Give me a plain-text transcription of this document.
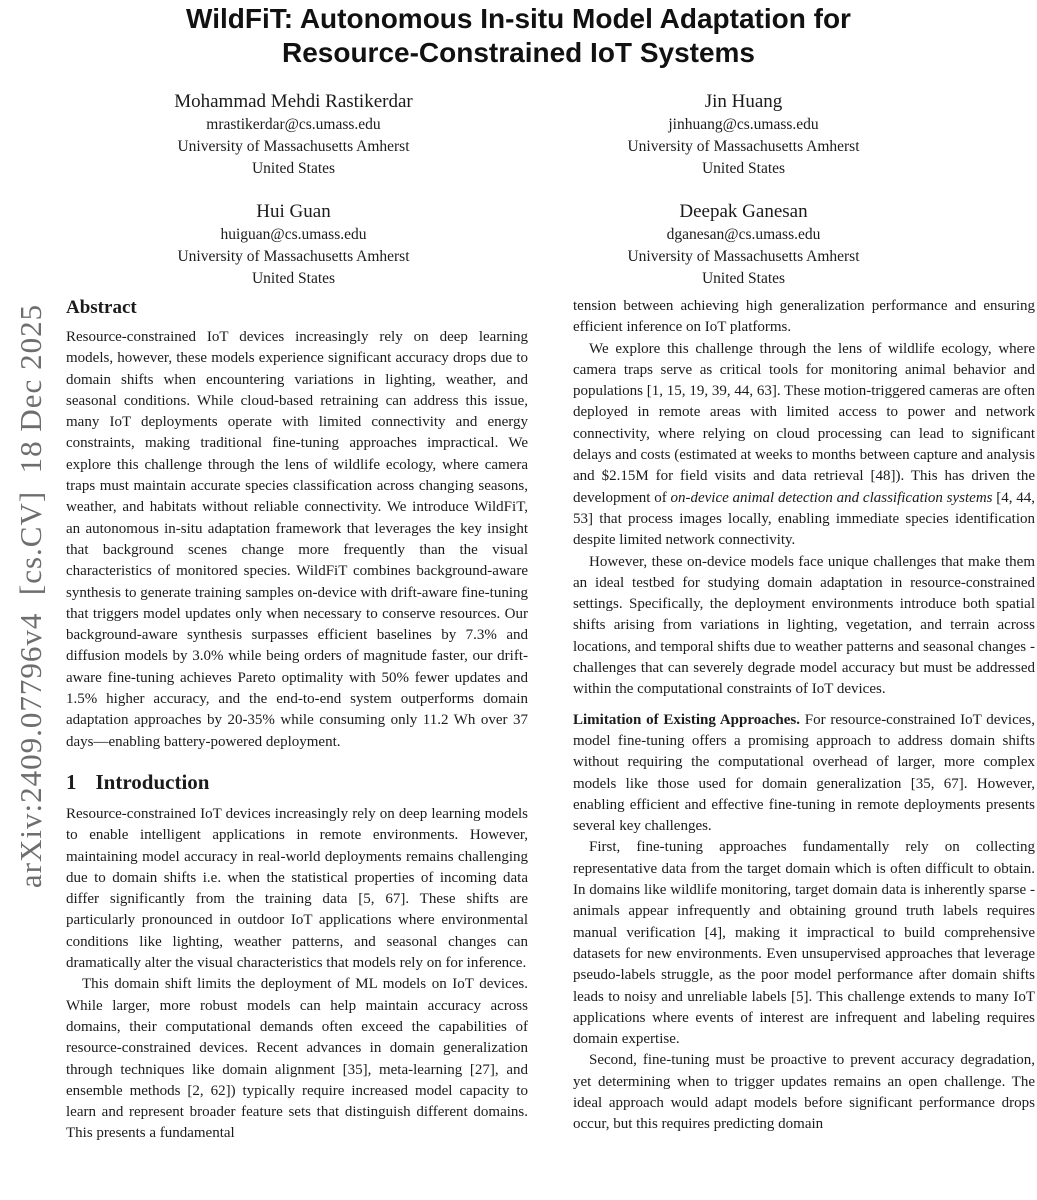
arXiv:2409.07796v4  [cs.CV]  18 Dec 2025
WildFiT: Autonomous In-situ Model Adaptation for
Resource-Constrained IoT Systems
Mohammad Mehdi Rastikerdar
mrastikerdar@cs.umass.edu
University of Massachusetts Amherst
United States
Jin Huang
jinhuang@cs.umass.edu
University of Massachusetts Amherst
United States
Hui Guan
huiguan@cs.umass.edu
University of Massachusetts Amherst
United States
Deepak Ganesan
dganesan@cs.umass.edu
University of Massachusetts Amherst
United States
Abstract

Resource-constrained IoT devices increasingly rely on deep learning models, however, these models experience significant accuracy drops due to domain shifts when encountering variations in lighting, weather, and seasonal conditions. While cloud-based retraining can address this issue, many IoT deployments operate with limited connectivity and energy constraints, making traditional fine-tuning approaches impractical. We explore this challenge through the lens of wildlife ecology, where camera traps must maintain accurate species classification across changing seasons, weather, and habitats without reliable connectivity. We introduce WildFiT, an autonomous in-situ adaptation framework that leverages the key insight that background scenes change more frequently than the visual characteristics of monitored species. WildFiT combines background-aware synthesis to generate training samples on-device with drift-aware fine-tuning that triggers model updates only when necessary to conserve resources. Our background-aware synthesis surpasses efficient baselines by 7.3% and diffusion models by 3.0% while being orders of magnitude faster, our drift-aware fine-tuning achieves Pareto optimality with 50% fewer updates and 1.5% higher accuracy, and the end-to-end system outperforms domain adaptation approaches by 20-35% while consuming only 11.2 Wh over 37 days—enabling battery-powered deployment.

1 Introduction

Resource-constrained IoT devices increasingly rely on deep learning models to enable intelligent applications in remote environments. However, maintaining model accuracy in real-world deployments remains challenging due to domain shifts i.e. when the statistical properties of incoming data differ significantly from the training data [5, 67]. These shifts are particularly pronounced in outdoor IoT applications where environmental conditions like lighting, weather patterns, and seasonal changes can dramatically alter the visual characteristics that models rely on for inference.

This domain shift limits the deployment of ML models on IoT devices. While larger, more robust models can help maintain accuracy across domains, their computational demands often exceed the capabilities of resource-constrained devices. Recent advances in domain generalization through techniques like domain alignment [35], meta-learning [27], and ensemble methods [2, 62]) typically require increased model capacity to learn and represent broader feature sets that distinguish different domains. This presents a fundamental

tension between achieving high generalization performance and ensuring efficient inference on IoT platforms.

We explore this challenge through the lens of wildlife ecology, where camera traps serve as critical tools for monitoring animal behavior and populations [1, 15, 19, 39, 44, 63]. These motion-triggered cameras are often deployed in remote areas with limited access to power and network connectivity, where relying on cloud processing can lead to significant delays and costs (estimated at weeks to months between capture and analysis and $2.15M for field visits and data retrieval [48]). This has driven the development of on-device animal detection and classification systems [4, 44, 53] that process images locally, enabling immediate species identification despite limited network connectivity.

However, these on-device models face unique challenges that make them an ideal testbed for studying domain adaptation in resource-constrained settings. Specifically, the deployment environments introduce both spatial shifts arising from variations in lighting, vegetation, and terrain across locations, and temporal shifts due to weather patterns and seasonal changes - challenges that can severely degrade model accuracy but must be addressed within the computational constraints of IoT devices.

Limitation of Existing Approaches. For resource-constrained IoT devices, model fine-tuning offers a promising approach to address domain shifts without requiring the computational overhead of larger, more complex models like those used for domain generalization [35, 67]. However, enabling efficient and effective fine-tuning in remote deployments presents several key challenges.

First, fine-tuning approaches fundamentally rely on collecting representative data from the target domain which is often difficult to obtain. In domains like wildlife monitoring, target domain data is inherently sparse - animals appear infrequently and obtaining ground truth labels requires manual verification [4], making it impractical to build comprehensive datasets for new environments. Even unsupervised approaches that leverage pseudo-labels struggle, as the poor model performance after domain shifts leads to noisy and unreliable labels [5]. This challenge extends to many IoT applications where events of interest are infrequent and labeling requires domain expertise.

Second, fine-tuning must be proactive to prevent accuracy degradation, yet determining when to trigger updates remains an open challenge. The ideal approach would adapt models before significant performance drops occur, but this requires predicting domain
